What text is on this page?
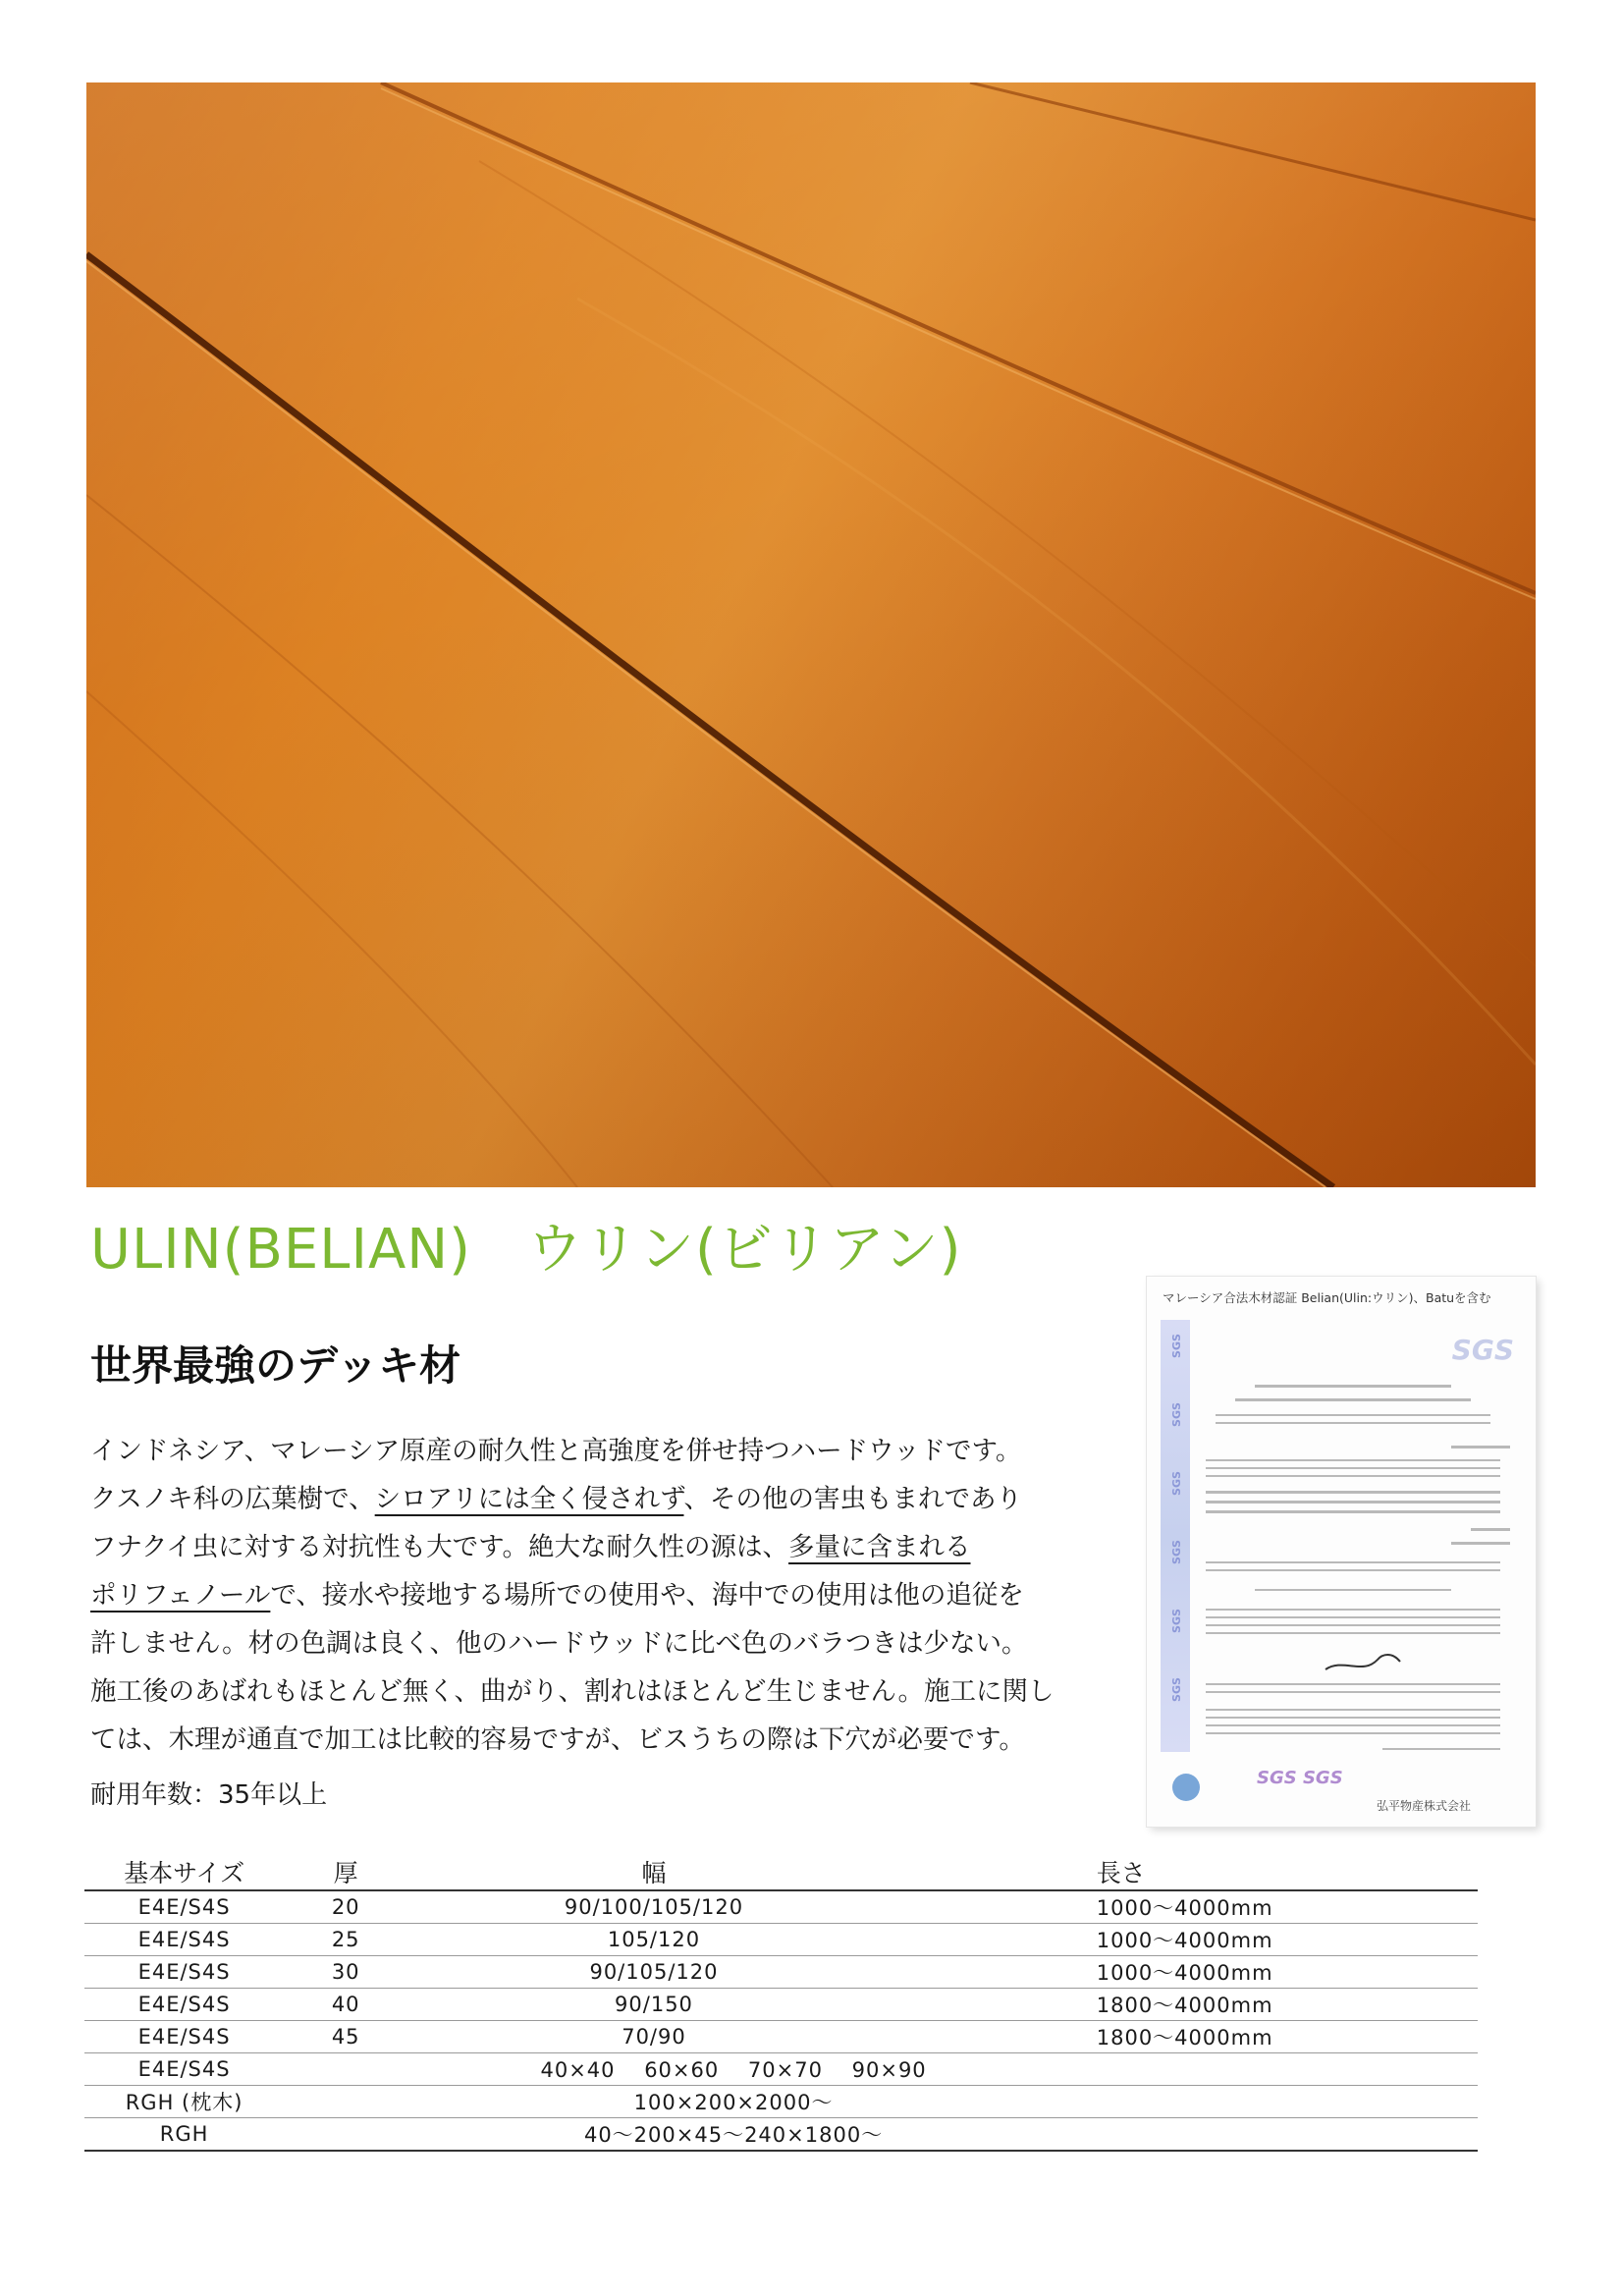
ULIN(BELIAN)　ウリン(ビリアン)
世界最強のデッキ材

インドネシア、マレーシア原産の耐久性と高強度を併せ持つハードウッドです。

クスノキ科の広葉樹で、シロアリには全く侵されず、その他の害虫もまれであり

フナクイ虫に対する対抗性も大です。絶大な耐久性の源は、多量に含まれる

ポリフェノールで、接水や接地する場所での使用や、海中での使用は他の追従を

許しません。材の色調は良く、他のハードウッドに比べ色のバラつきは少ない。

施工後のあばれもほとんど無く、曲がり、割れはほとんど生じません。施工に関し

ては、木理が通直で加工は比較的容易ですが、ビスうちの際は下穴が必要です。

耐用年数：35年以上
マレーシア合法木材認証 Belian(Ulin:ウリン)、Batuを含む
SGS
SGS
SGS
SGS
SGS
SGS
SGS
SGS SGS
弘平物産株式会社
基本サイズ	厚	幅	長さ
E4E/S4S	20	90/100/105/120	1000〜4000mm
E4E/S4S	25	105/120	1000〜4000mm
E4E/S4S	30	90/105/120	1000〜4000mm
E4E/S4S	40	90/150	1800〜4000mm
E4E/S4S	45	70/90	1800〜4000mm
E4E/S4S	40×40　 60×60　 70×70　 90×90		
RGH (枕木)	100×200×2000〜		
RGH	40〜200×45〜240×1800〜		
